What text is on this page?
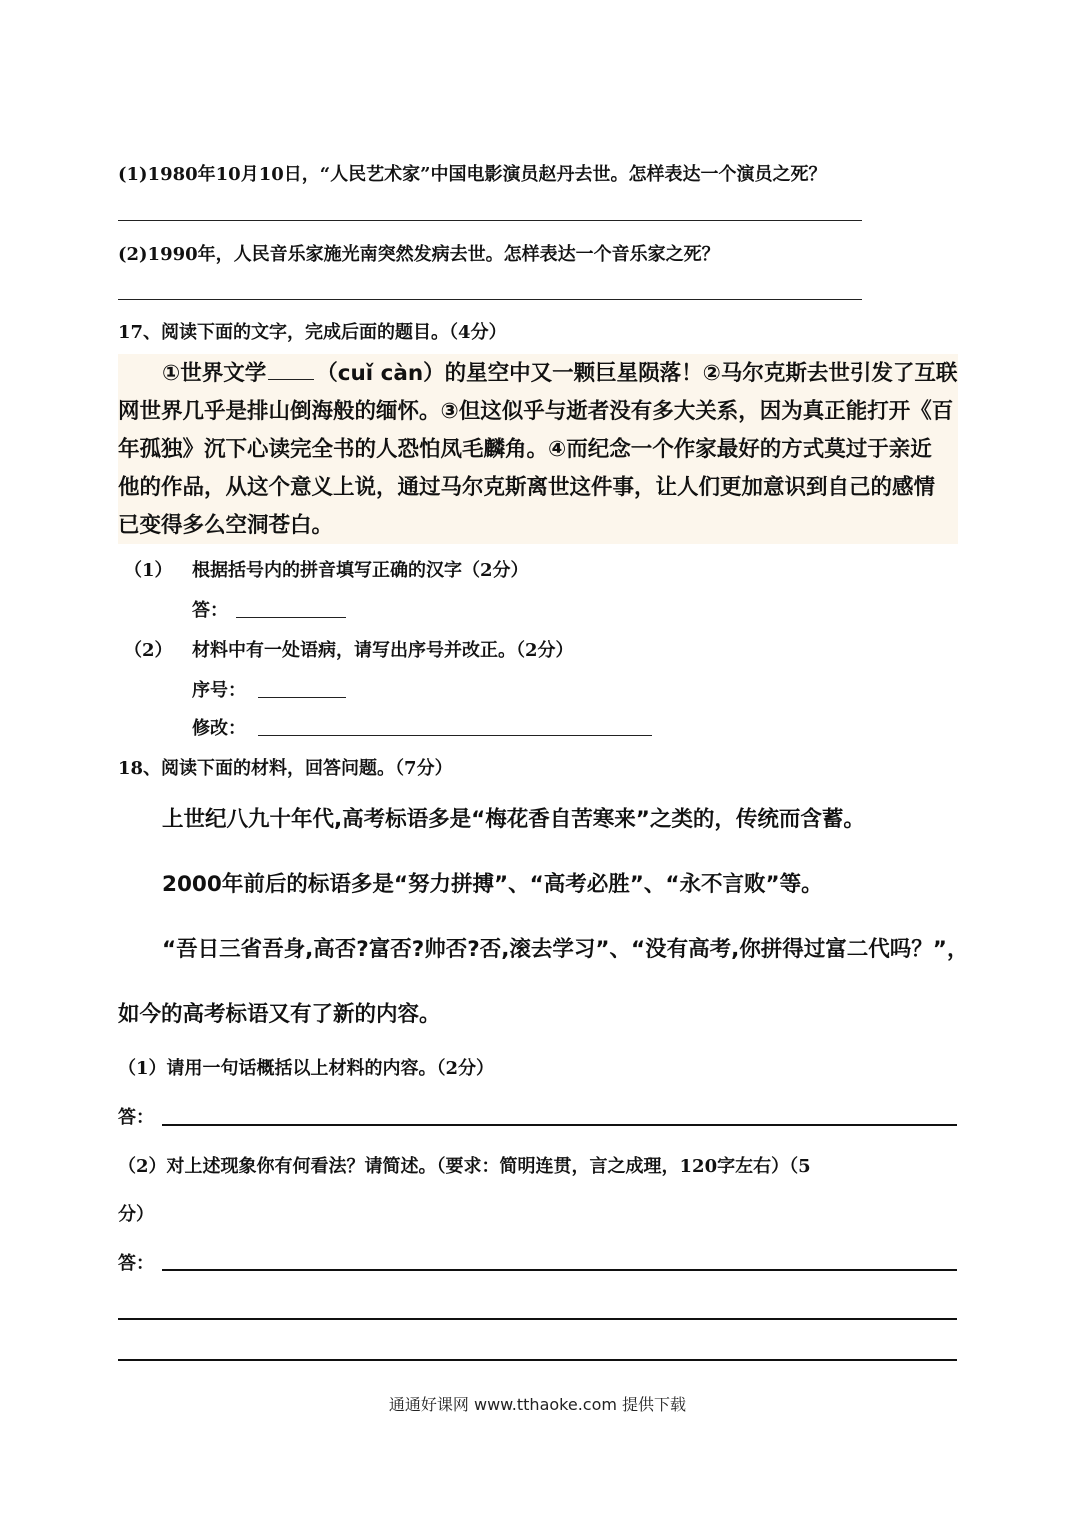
(1)1980年10月10日，“人民艺术家”中国电影演员赵丹去世。怎样表达一个演员之死？
(2)1990年，人民音乐家施光南突然发病去世。怎样表达一个音乐家之死？
17、阅读下面的文字，完成后面的题目。（4分）
①世界文学 （cuǐ càn）的星空中又一颗巨星陨落！②马尔克斯去世引发了互联
网世界几乎是排山倒海般的缅怀。③但这似乎与逝者没有多大关系，因为真正能打开《百
年孤独》沉下心读完全书的人恐怕凤毛麟角。④而纪念一个作家最好的方式莫过于亲近
他的作品，从这个意义上说，通过马尔克斯离世这件事，让人们更加意识到自己的感情
已变得多么空洞苍白。
（1） 根据括号内的拼音填写正确的汉字（2分）
答：
（2） 材料中有一处语病，请写出序号并改正。（2分）
序号：
修改：
18、阅读下面的材料，回答问题。（7分）
上世纪八九十年代,高考标语多是“梅花香自苦寒来”之类的，传统而含蓄。
2000年前后的标语多是“努力拼搏”、“高考必胜”、“永不言败”等。
“吾日三省吾身,高否?富否?帅否?否,滚去学习”、“没有高考,你拼得过富二代吗？”，
如今的高考标语又有了新的内容。
（1）请用一句话概括以上材料的内容。（2分）
答：
（2）对上述现象你有何看法？请简述。（要求：简明连贯，言之成理，120字左右）（5
分）
答：
通通好课网 www.tthaoke.com 提供下载
